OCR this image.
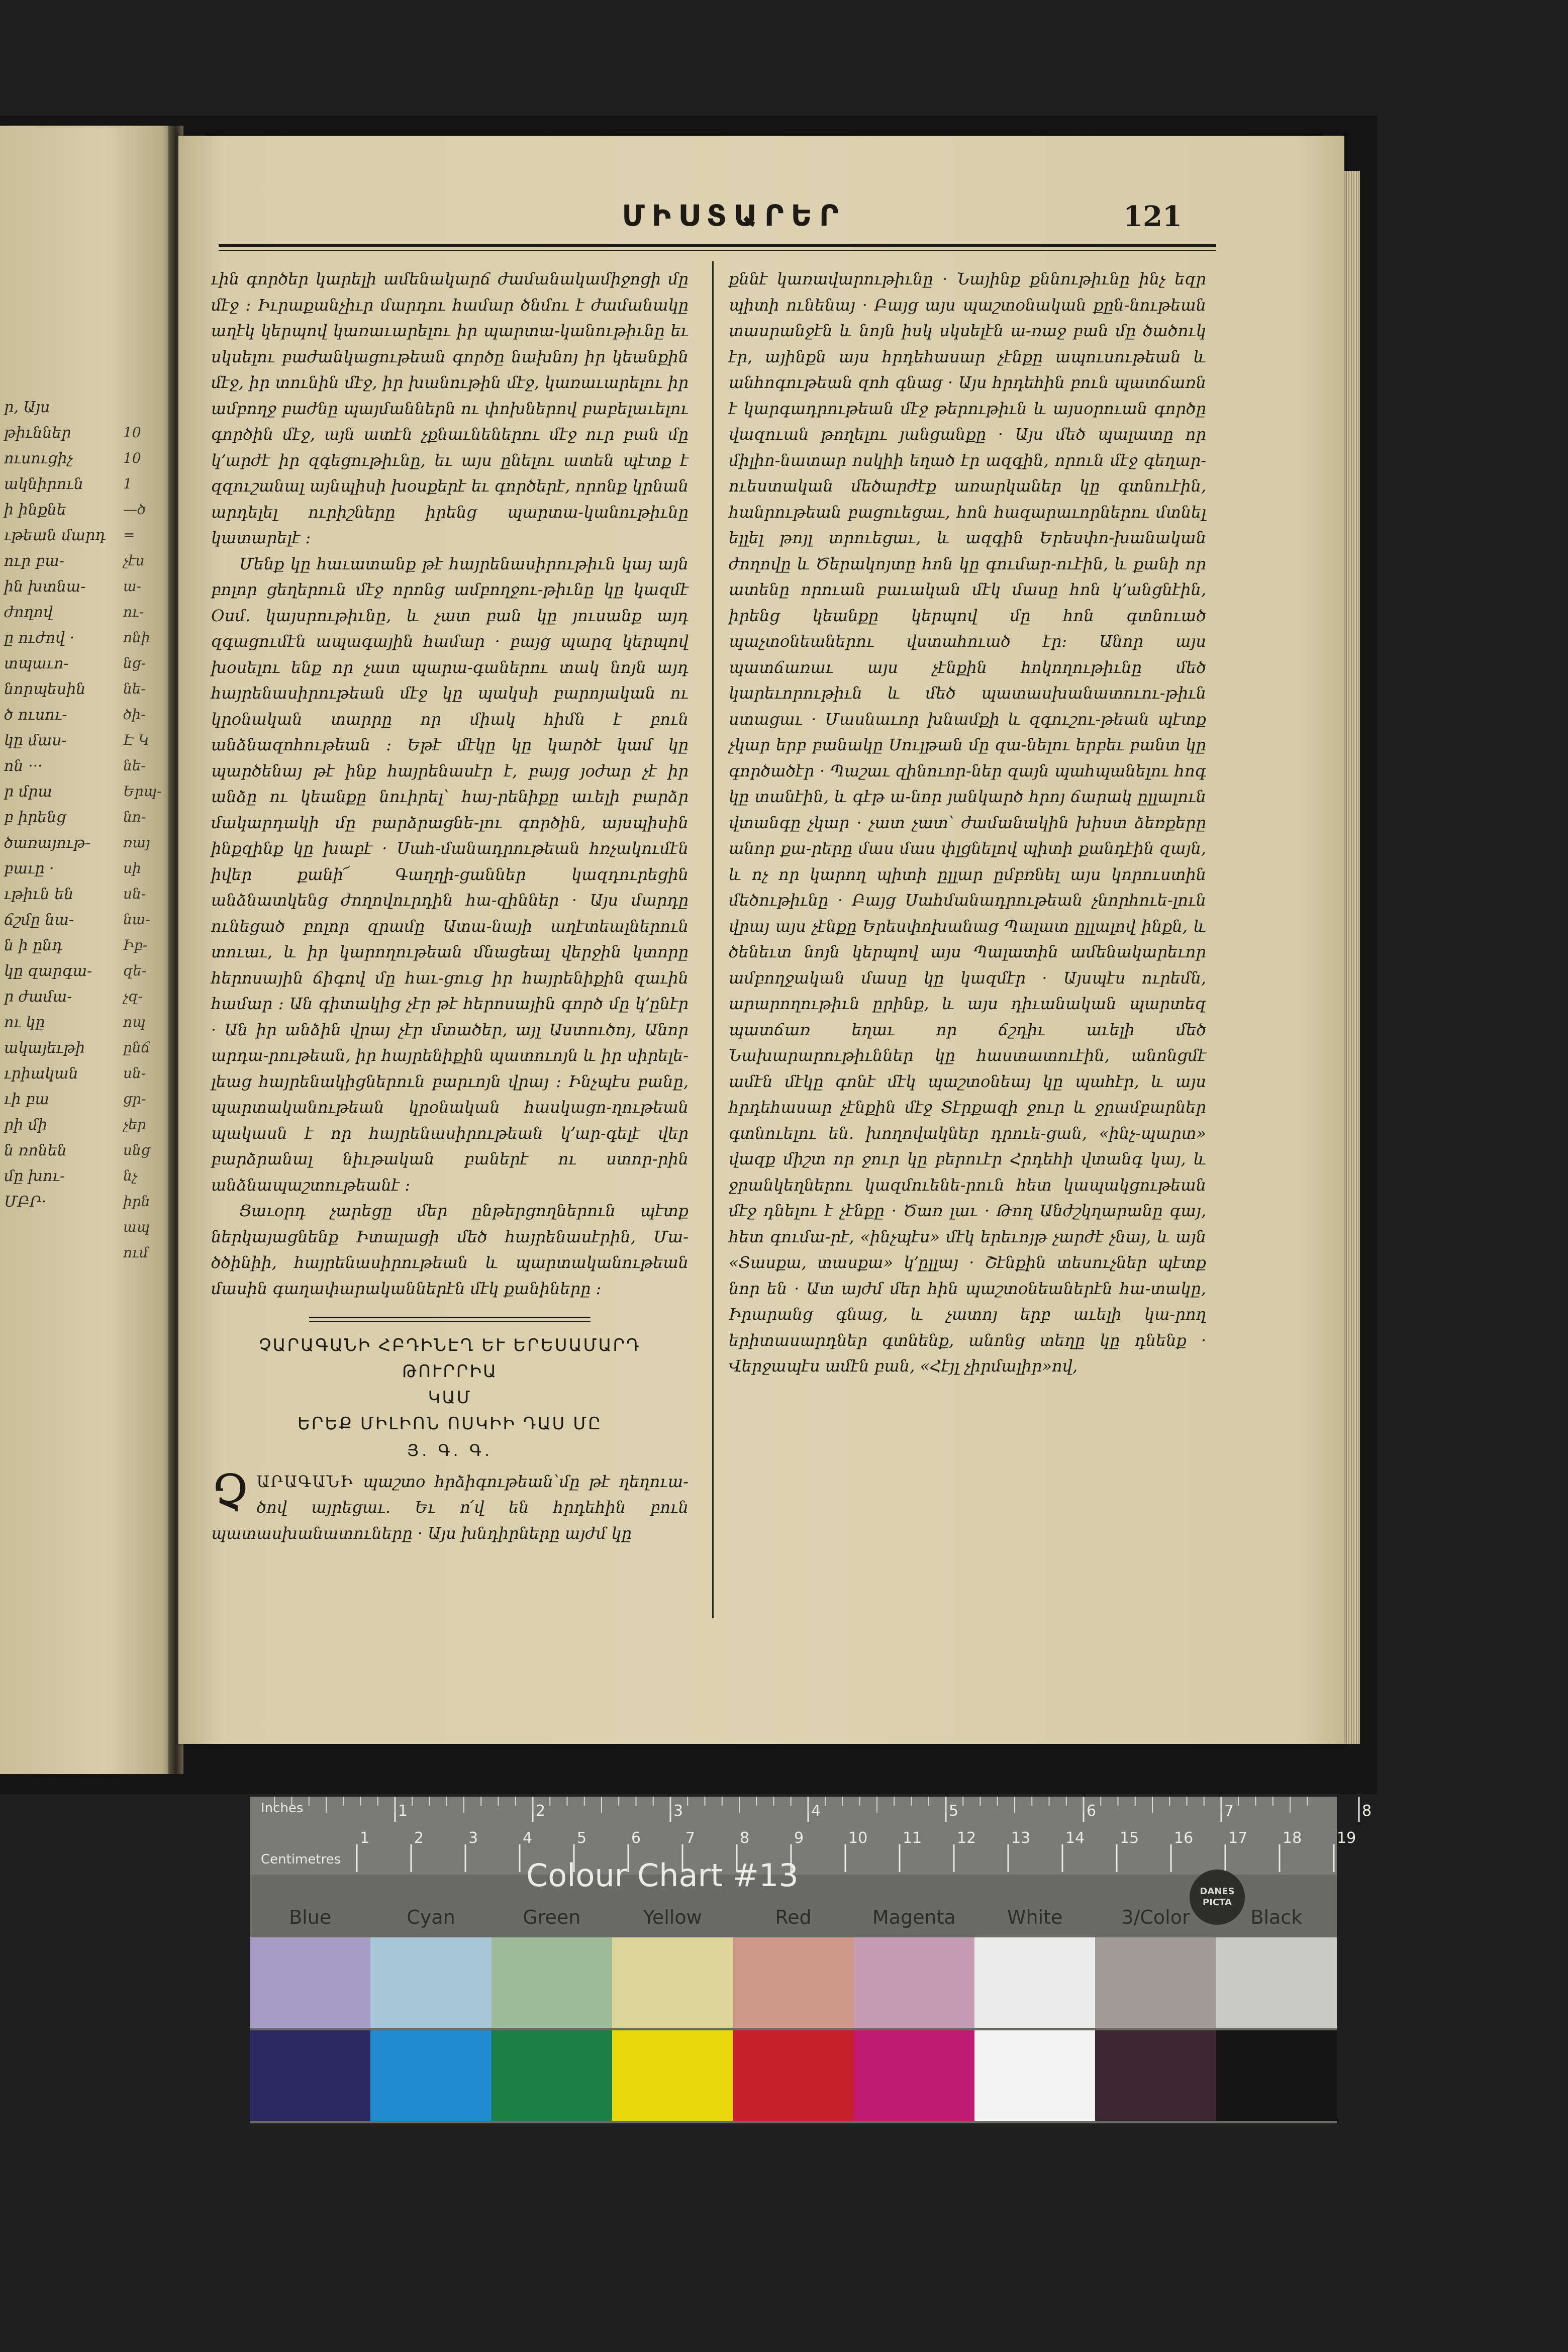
ր, Այս
թիւններ
ուսուցիչ
ակնիրուն
ի ինքնե
ւթեան մարդ
ուր բա-
ին խտնա-
ժողով
ը ուժով ·
տպաւո-
նորպեսին
ծ ուսու-
կը մաս-
ոն ···
ր մրա
բ իրենց
ծառայութ-
բաւը ·
ւթիւն են
ճշմը նա-
ն ի ընդ
կը զարգա-
ր ժամա-
ու կը
ակայեւթի
ւրիական
ւի բա
րի մի
ն ռոնեն
մը խու-
ՄԲՐ·
10
10
1
—ծ
=
չէս
ա-
ու-
ոնի
նց-
նե-
ծի-
Է Կ
նե-
Երպ-
նո-
ռայ
սի
սն-
նա-
Իբ-
զե-
չզ-
ոպ
ընճ
սն-
ցր-
չեր
սնց
նչ
իրն
ապ
ում
ՄԻՍՏԱՐԵՐ	121

ւին գործեր կարելի ամենակարճ ժամանակամիջոցի մը մէջ ։ Իւրաքանչիւր մարդու համար ծնմու է ժամանակը աղէկ կերպով կառաւարելու իր պարտա-կանութիւնը եւ սկսելու բաժանկացութեան գործը նախնոյ իր կեանքին մէջ, իր տունին մէջ, իր խանութին մէջ, կառաւարելու իր ամբողջ բաժնը պայմաններն ու փոխներով բաբելաւելու գործին մէջ, այն ատէն չքնաւնեներու մէջ ուր բան մը կ՚արժէ իր զգեցութիւնը, եւ այս ընելու ատեն պէտք է զզուշանալ այնպիսի խօսքերէ եւ գործերէ, որոնք կրնան արդելել ուրիշները իրենց պարտա-կանութիւնը կատարելէ ։

Մենք կը հաւատանք թէ հայրենասիրութիւն կայ այն բոլոր ցեղերուն մէջ որոնց ամբողջու-թիւնը կը կազմէ Օսմ. կայսրութիւնը, և չատ բան կը յուսանք այդ զգացումէն ապագային համար · բայց պարզ կերպով խօսելու ենք որ չատ պարա-գաներու տակ նոյն այդ հայրենասիրութեան մէջ կը պակսի բարոյական ու կրօնական տարրը որ միակ հիմն է բուն անձնազոհութեան ։ Եթէ մէկը կը կարծէ կամ կը պարծենայ թէ ինք հայրենասէր է, բայց յօժար չէ իր անձը ու կեանքը նուիրել՝ հայ-րենիքը աւելի բարձր մակարդակի մը բարձրացնե-լու գործին, այսպիսին ինքզինք կը խաբէ · Սահ-մանադրութեան հռչակումէն իվեր քանի՜ Գաղղի-ցաններ կազդուրեցին անձնատկենց ժողովուրդին հա-զիններ · Այս մարդը ունեցած բոլոր զրամը Ատա-նայի աղէտեալներուն տուաւ, և իր կարողութեան մնացեալ վերջին կտորը հերոսային ճիգով մը հաւ-ցուց իր հայրենիքին զաւին համար ։ Ան գիտակից չէր թէ հերոսային գործ մը կ՚ընէր · Ան իր անձին վրայ չէր մտածեր, այլ Աստուծոյ, Անոր արդա-րութեան, իր հայրենիքին պատուոյն և իր սիրելե-լեաց հայրենակիցներուն բարւոյն վրայ ։ Ինչպէս բանը, պարտականութեան կրօնական հասկացո-ղութեան պակասն է որ հայրենասիրութեան կ՚ար-գելէ վեր բարձրանալ նիւթական բաներէ ու ստոր-րին անձնապաշտութեանէ ։

Ցաւօրդ չարեցը մեր ընթերցողներուն պէտք ներկայացնենք Իտալացի մեծ հայրենասէրին, Մա-ծծինիի, հայրենասիրութեան և պարտականութեան մասին գաղափարականներէն մէկ քանիները ։

ՉԱՐԱԳԱՆԻ ՀԲԴԻՆԷՂ ԵՒ ԵՐԵՍԱՄԱՐԴ ԹՈՒՐՐԻԱ
ԿԱՄ
ԵՐԵՔ ՄԻԼԻՈՆ ՈՍԿԻԻ ԴԱՍ ՄԸ
Յ. Գ. Գ.

ՉԱՐԱԳԱՆԻ պաշտօ հրձիգութեան՝մը թէ ղեղուա-ծով այրեցաւ. Եւ ո՛վ են հրդեհին բուն պատասխանատուները · Այս խնդիրները այժմ կը

քննէ կառավարութիւնը · Նայինք քննութիւնը ինչ եզր պիտի ունենայ · Բայց այս պաշտօնական քըն-նութեան տասրանջէն և նոյն իսկ սկսելէն ա-ռաջ բան մը ծածուկ էր, այինքն այս հրդեհասար չէնքը ապուսութեան և անհոգութեան զոհ գնաց · Այս հրդեհին բուն պատճառն է կարգադրութեան մէջ թերութիւն և այսօրուան գործը վազուան թողելու յանցանքը · Այս մեծ պալատը որ միլիո-նատար ոսկիի եղած էր ազգին, որուն մէջ գեղար-ուեստական մեծարժէք առարկաներ կը գտնուէին, հանրութեան բացուեցաւ, հոն հազարաւորներու մտնել ելլել թոյլ տրուեցաւ, և ազգին Երեսփո-խանական ժողովը և Ծերակոյտը հոն կը գումար-ուէին, և քանի որ ատենը որուան բաւական մէկ մասը հոն կ՚անցնէին, իրենց կեանքը կերպով մը հոն գտնուած պաչտօնեաներու վստահուած էր։ Անոր այս պատճառաւ այս չէնքին հոկողութիւնը մեծ կարեւորութիւն և մեծ պատասխանատուու-թիւն ստացաւ · Մասնաւոր խնամքի և զգուշու-թեան պէտք չկար երբ բանակը Սուլթան մը զա-նելու երբեւ բանտ կը գործածէր · Պաշաւ զինուոր-ներ զայն պահպանելու հոգ կը տանէին, և գէթ ա-նոր յանկարծ հրոյ ճարակ ըլլալուն վտանգը չկար · չատ չատ՝ ժամանակին խիստ ձեռքերը անոր քա-րերը մաս մաս փլցնելով պիտի քանդէին զայն, և ոչ որ կարող պիտի ըլլար ըմբռնել այս կորուստին մեծութիւնը · Բայց Սահմանադրութեան չնորհուե-լուն վրայ այս չէնքը Երեսփոխանաց Պալատ ըլլալով ինքն, և ծենեւտ նոյն կերպով այս Պալատին ամենակարեւոր ամբողջական մասը կը կազմէր · Այսպէս ուրեմն, արարողութիւն ըրինք, և այս դիւանական պարտեզ պատճառ եղաւ որ ճշդիւ աւելի մեծ Նախարարութիւններ կը հաստատուէին, անոնցմէ ամէն մէկը գոնէ մէկ պաշտօնեայ կը պահէր, և այս հրդեհասար չէնքին մէջ Տէրքազի ջուր և ջրամբարներ գտնուելու են. խողովակներ դրուե-ցան, «ինչ-պարտ» վազք միշտ որ ջուր կը բերուէր Հրդեհի վտանգ կայ, և ջրանկեղներու կազմուենե-րուն հետ կապակցութեան մէջ դնելու է չէնքը · Ծառ լաւ · Թող Անժշկղարանը գայ, հետ գումա-րէ, «ինչպէս» մէկ երեւոյթ չարժէ չնայ, և այն «Տասքա, տասքա» կ՚ըլլայ · Շէնքին տեսուչներ պէտք նոր են · Ատ այժմ մեր հին պաշտօնեաներէն հա-տակը, Իրարանց գնաց, և չատոյ երբ աւելի կա-րող երիտասարդներ գտնենք, անոնց տեղը կը դնենք · Վերջապէս ամէն բան, «Հէյլ չիրմալիր»ով,

1	2	3	4	5	6	7	8	9	10 11 12 13 14 15 16 17 18 19
1	2	3	4	5	6	7	8
Inches
Centimetres	Colour Chart #13	DANES
PICTA
Blue	Cyan	Green	Yellow	Red	Magenta	White	3/Color	Black
